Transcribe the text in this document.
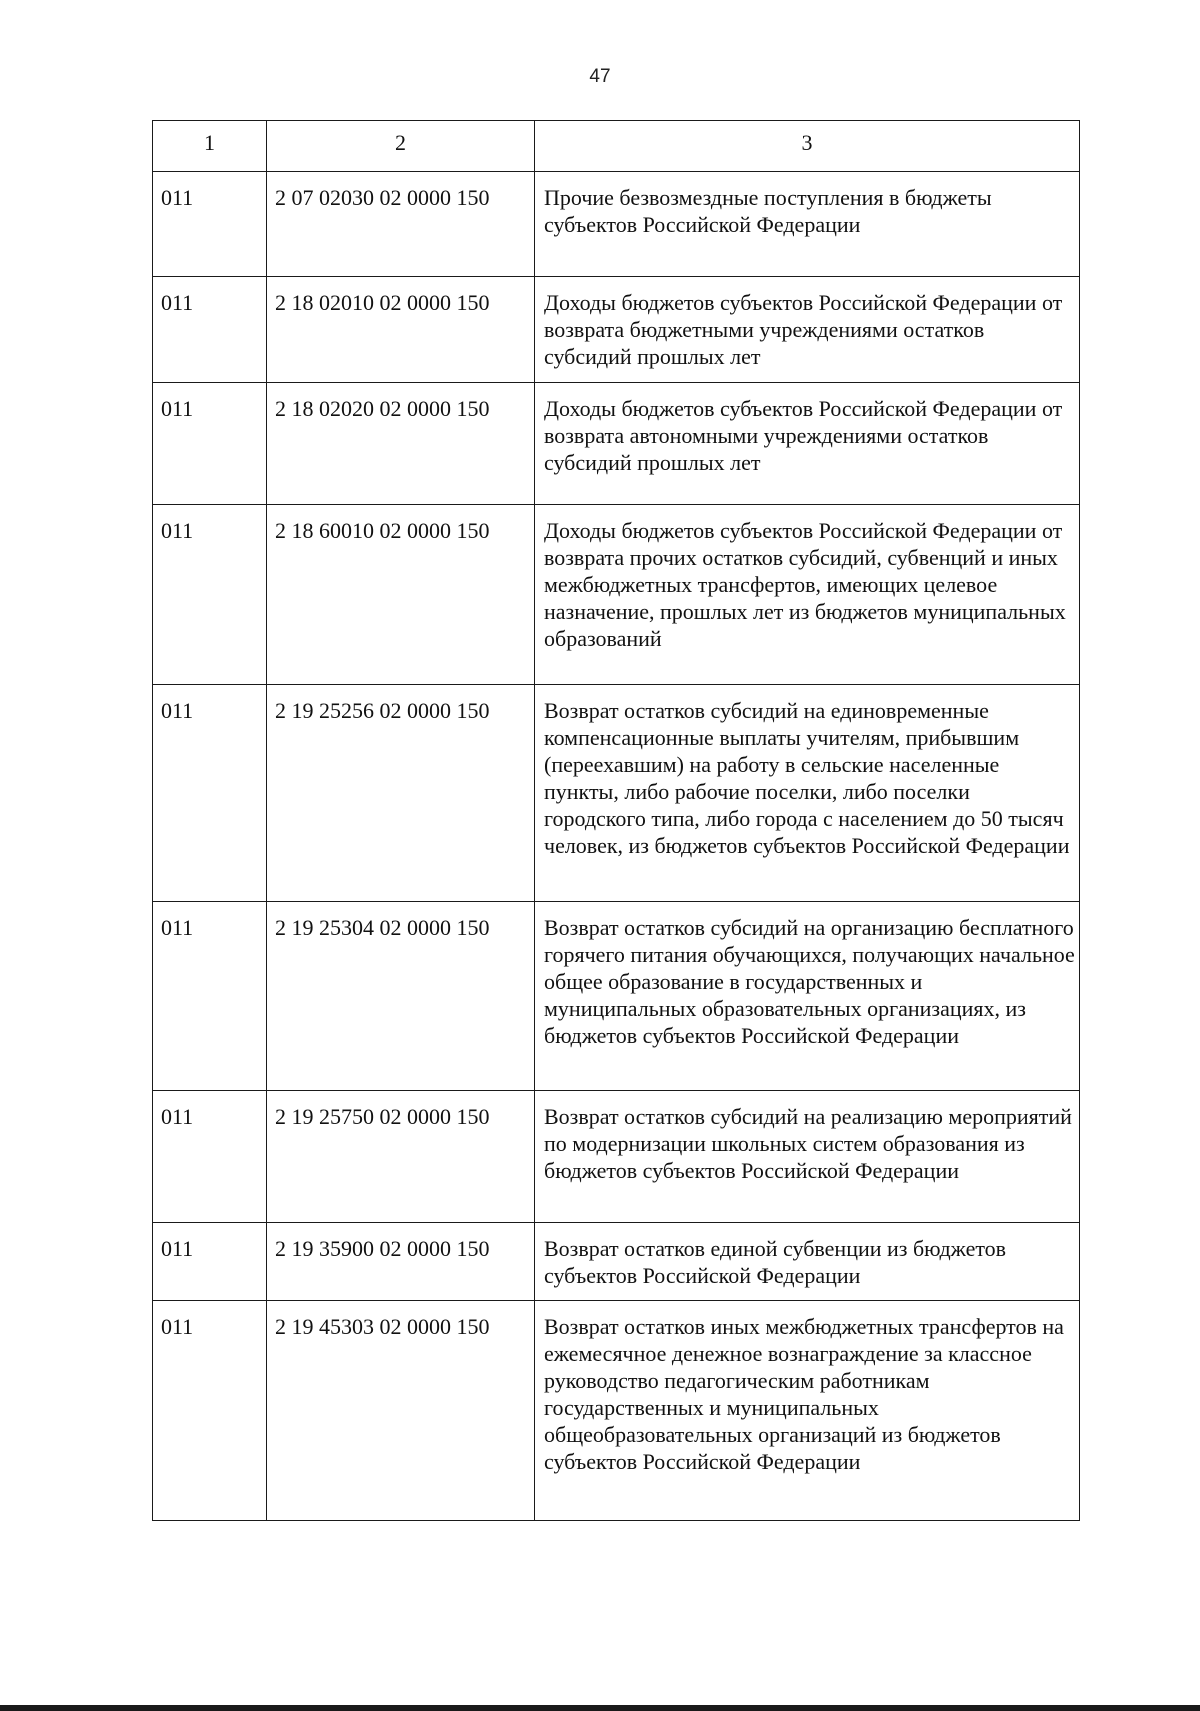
47
1	2	3
011	2 07 02030 02 0000 150	Прочие безвозмездные поступления в бюджеты субъектов Российской Федерации
011	2 18 02010 02 0000 150	Доходы бюджетов субъектов Российской Федерации от возврата бюджетными учреждениями остатков субсидий прошлых лет
011	2 18 02020 02 0000 150	Доходы бюджетов субъектов Российской Федерации от возврата автономными учреждениями остатков субсидий прошлых лет
011	2 18 60010 02 0000 150	Доходы бюджетов субъектов Российской Федерации от возврата прочих остатков субсидий, субвенций и иных межбюджетных трансфертов, имеющих целевое назначение, прошлых лет из бюджетов муниципальных образований
011	2 19 25256 02 0000 150	Возврат остатков субсидий на единовременные компенсационные выплаты учителям, прибывшим (переехавшим) на работу в сельские населенные пункты, либо рабочие поселки, либо поселки городского типа, либо города с населением до 50 тысяч человек, из бюджетов субъектов Российской Федерации
011	2 19 25304 02 0000 150	Возврат остатков субсидий на организацию бесплатного горячего питания обучающихся, получающих начальное общее образование в государственных и муниципальных образовательных организациях, из бюджетов субъектов Российской Федерации
011	2 19 25750 02 0000 150	Возврат остатков субсидий на реализацию мероприятий по модернизации школьных систем образования из бюджетов субъектов Российской Федерации
011	2 19 35900 02 0000 150	Возврат остатков единой субвенции из бюджетов субъектов Российской Федерации
011	2 19 45303 02 0000 150	Возврат остатков иных межбюджетных трансфертов на ежемесячное денежное вознаграждение за классное руководство педагогическим работникам государственных и муниципальных общеобразовательных организаций из бюджетов субъектов Российской Федерации
